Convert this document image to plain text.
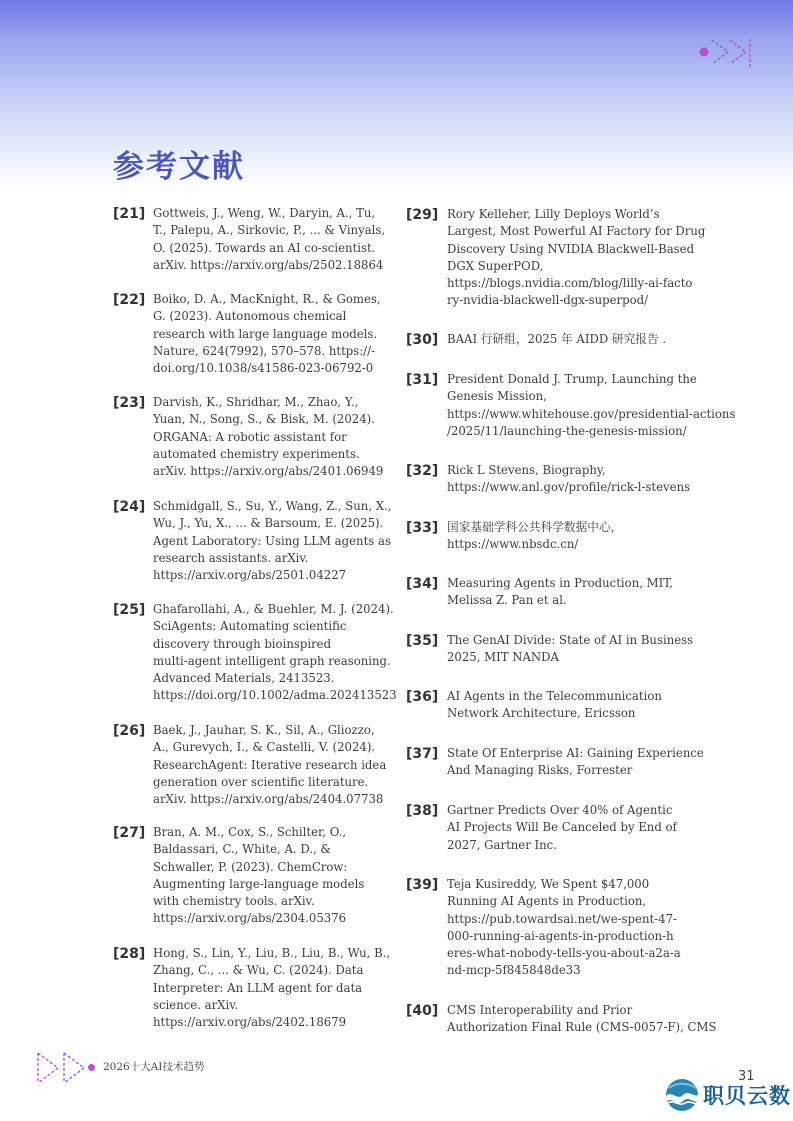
参考文献
[21] Gottweis, J., Weng, W., Daryin, A., Tu,
T., Palepu, A., Sirkovic, P., ... & Vinyals,
O. (2025). Towards an AI co-scientist.
arXiv. https://arxiv.org/abs/2502.18864
[22] Boiko, D. A., MacKnight, R., & Gomes,
G. (2023). Autonomous chemical
research with large language models.
Nature, 624(7992), 570–578. https://-
doi.org/10.1038/s41586-023-06792-0
[23] Darvish, K., Shridhar, M., Zhao, Y.,
Yuan, N., Song, S., & Bisk, M. (2024).
ORGANA: A robotic assistant for
automated chemistry experiments.
arXiv. https://arxiv.org/abs/2401.06949
[24] Schmidgall, S., Su, Y., Wang, Z., Sun, X.,
Wu, J., Yu, X., ... & Barsoum, E. (2025).
Agent Laboratory: Using LLM agents as
research assistants. arXiv.
https://arxiv.org/abs/2501.04227
[25] Ghafarollahi, A., & Buehler, M. J. (2024).
SciAgents: Automating scientific
discovery through bioinspired
multi-agent intelligent graph reasoning.
Advanced Materials, 2413523.
https://doi.org/10.1002/adma.202413523
[26] Baek, J., Jauhar, S. K., Sil, A., Gliozzo,
A., Gurevych, I., & Castelli, V. (2024).
ResearchAgent: Iterative research idea
generation over scientific literature.
arXiv. https://arxiv.org/abs/2404.07738
[27] Bran, A. M., Cox, S., Schilter, O.,
Baldassari, C., White, A. D., &
Schwaller, P. (2023). ChemCrow:
Augmenting large-language models
with chemistry tools. arXiv.
https://arxiv.org/abs/2304.05376
[28] Hong, S., Lin, Y., Liu, B., Liu, B., Wu, B.,
Zhang, C., ... & Wu, C. (2024). Data
Interpreter: An LLM agent for data
science. arXiv.
https://arxiv.org/abs/2402.18679
[29] Rory Kelleher, Lilly Deploys World’s
Largest, Most Powerful AI Factory for Drug
Discovery Using NVIDIA Blackwell-Based
DGX SuperPOD,
https://blogs.nvidia.com/blog/lilly-ai-facto
ry-nvidia-blackwell-dgx-superpod/
[30] BAAI 行研组，2025 年 AIDD 研究报告 .
[31] President Donald J. Trump, Launching the
Genesis Mission,
https://www.whitehouse.gov/presidential-actions
/2025/11/launching-the-genesis-mission/
[32] Rick L Stevens, Biography,
https://www.anl.gov/profile/rick-l-stevens
[33] 国家基础学科公共科学数据中心，
https://www.nbsdc.cn/
[34] Measuring Agents in Production, MIT,
Melissa Z. Pan et al.
[35] The GenAI Divide: State of AI in Business
2025, MIT NANDA
[36] AI Agents in the Telecommunication
Network Architecture, Ericsson
[37] State Of Enterprise AI: Gaining Experience
And Managing Risks, Forrester
[38] Gartner Predicts Over 40% of Agentic
AI Projects Will Be Canceled by End of
2027, Gartner Inc.
[39] Teja Kusireddy, We Spent $47,000
Running AI Agents in Production,
https://pub.towardsai.net/we-spent-47-
000-running-ai-agents-in-production-h
eres-what-nobody-tells-you-about-a2a-a
nd-mcp-5f845848de33
[40] CMS Interoperability and Prior
Authorization Final Rule (CMS-0057-F), CMS
2026十大AI技术趋势
31
职贝云数
